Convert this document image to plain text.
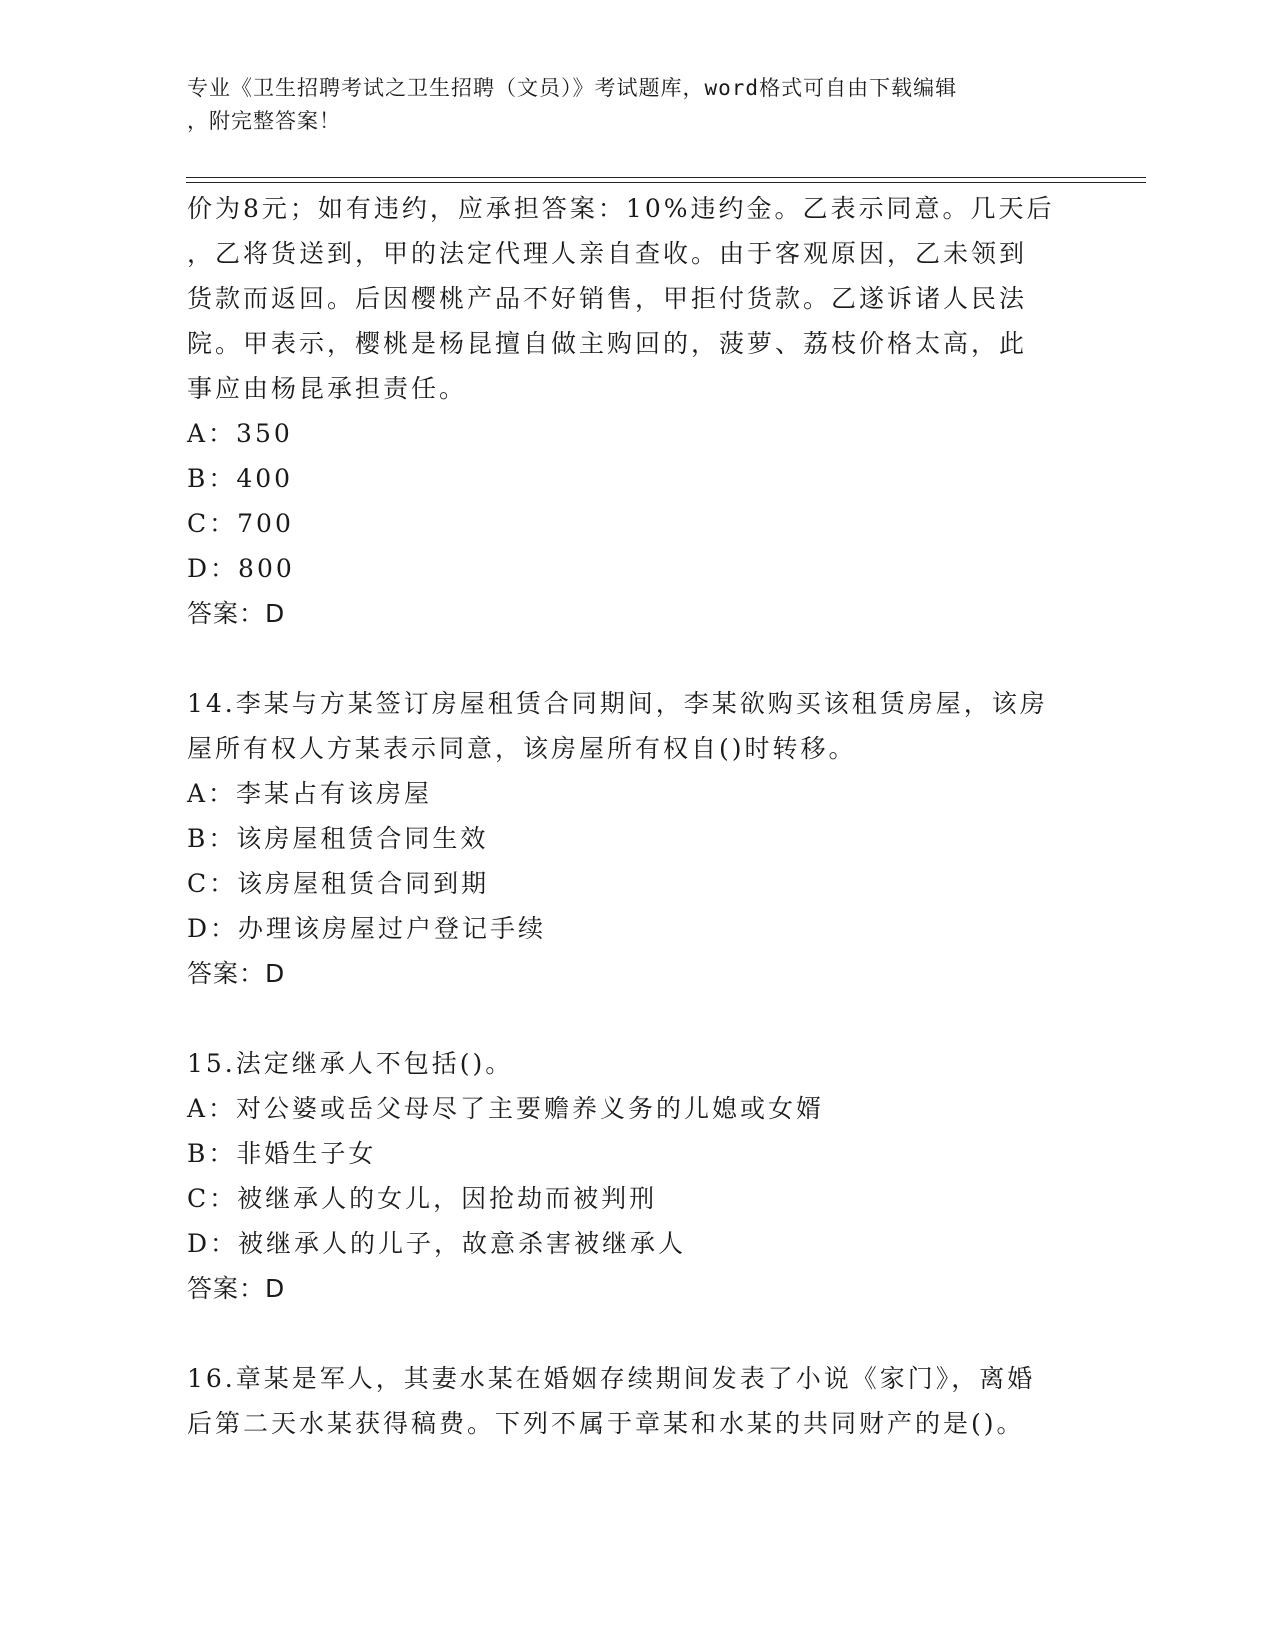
专业《卫生招聘考试之卫生招聘（文员）》考试题库，word格式可自由下载编辑
，附完整答案！
价为8元；如有违约，应承担答案：10%违约金。乙表示同意。几天后
，乙将货送到，甲的法定代理人亲自查收。由于客观原因，乙未领到
货款而返回。后因樱桃产品不好销售，甲拒付货款。乙遂诉诸人民法
院。甲表示，樱桃是杨昆擅自做主购回的，菠萝、荔枝价格太高，此
事应由杨昆承担责任。
A：350
B：400
C：700
D：800
答案：D
14.李某与方某签订房屋租赁合同期间，李某欲购买该租赁房屋，该房
屋所有权人方某表示同意，该房屋所有权自()时转移。
A：李某占有该房屋
B：该房屋租赁合同生效
C：该房屋租赁合同到期
D：办理该房屋过户登记手续
答案：D
15.法定继承人不包括()。
A：对公婆或岳父母尽了主要赡养义务的儿媳或女婿
B：非婚生子女
C：被继承人的女儿，因抢劫而被判刑
D：被继承人的儿子，故意杀害被继承人
答案：D
16.章某是军人，其妻水某在婚姻存续期间发表了小说《家门》，离婚
后第二天水某获得稿费。下列不属于章某和水某的共同财产的是()。
